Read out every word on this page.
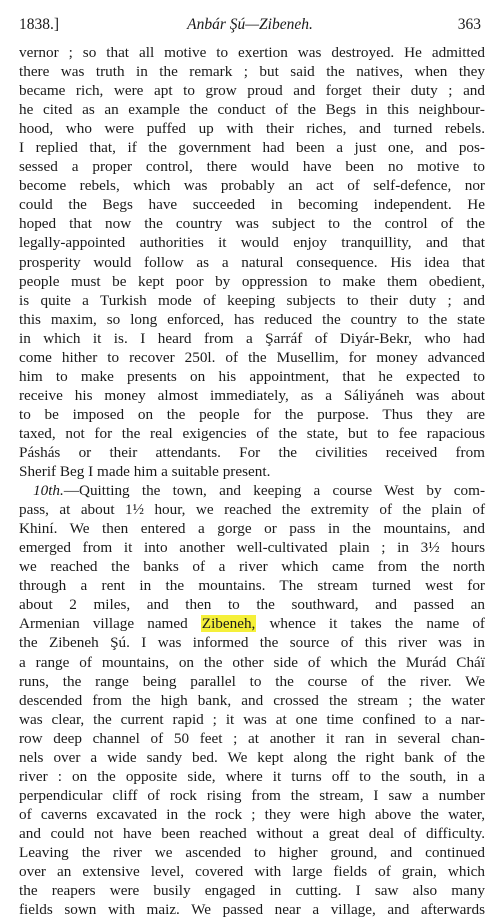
1838.]	Anbár Şú—Zibeneh.	363
vernor ; so that all motive to exertion was destroyed. He admitted
there was truth in the remark ; but said the natives, when they
became rich, were apt to grow proud and forget their duty ; and
he cited as an example the conduct of the Begs in this neighbour-
hood, who were puffed up with their riches, and turned rebels.
I replied that, if the government had been a just one, and pos-
sessed a proper control, there would have been no motive to
become rebels, which was probably an act of self-defence, nor
could the Begs have succeeded in becoming independent. He
hoped that now the country was subject to the control of the
legally-appointed authorities it would enjoy tranquillity, and that
prosperity would follow as a natural consequence. His idea that
people must be kept poor by oppression to make them obedient,
is quite a Turkish mode of keeping subjects to their duty ; and
this maxim, so long enforced, has reduced the country to the state
in which it is. I heard from a Şarráf of Diyár-Bekr, who had
come hither to recover 250l. of the Musellim, for money advanced
him to make presents on his appointment, that he expected to
receive his money almost immediately, as a Sáliyáneh was about
to be imposed on the people for the purpose. Thus they are
taxed, not for the real exigencies of the state, but to fee rapacious
Páshás or their attendants. For the civilities received from
Sherif Beg I made him a suitable present.
10th.—Quitting the town, and keeping a course West by com-
pass, at about 1½ hour, we reached the extremity of the plain of
Khiní. We then entered a gorge or pass in the mountains, and
emerged from it into another well-cultivated plain ; in 3½ hours
we reached the banks of a river which came from the north
through a rent in the mountains. The stream turned west for
about 2 miles, and then to the southward, and passed an
Armenian village named Zibeneh, whence it takes the name of
the Zibeneh Şú. I was informed the source of this river was in
a range of mountains, on the other side of which the Murád Cháï
runs, the range being parallel to the course of the river. We
descended from the high bank, and crossed the stream ; the water
was clear, the current rapid ; it was at one time confined to a nar-
row deep channel of 50 feet ; at another it ran in several chan-
nels over a wide sandy bed. We kept along the right bank of the
river : on the opposite side, where it turns off to the south, in a
perpendicular cliff of rock rising from the stream, I saw a number
of caverns excavated in the rock ; they were high above the water,
and could not have been reached without a great deal of difficulty.
Leaving the river we ascended to higher ground, and continued
over an extensive level, covered with large fields of grain, which
the reapers were busily engaged in cutting. I saw also many
fields sown with maiz. We passed near a village, and afterwards
